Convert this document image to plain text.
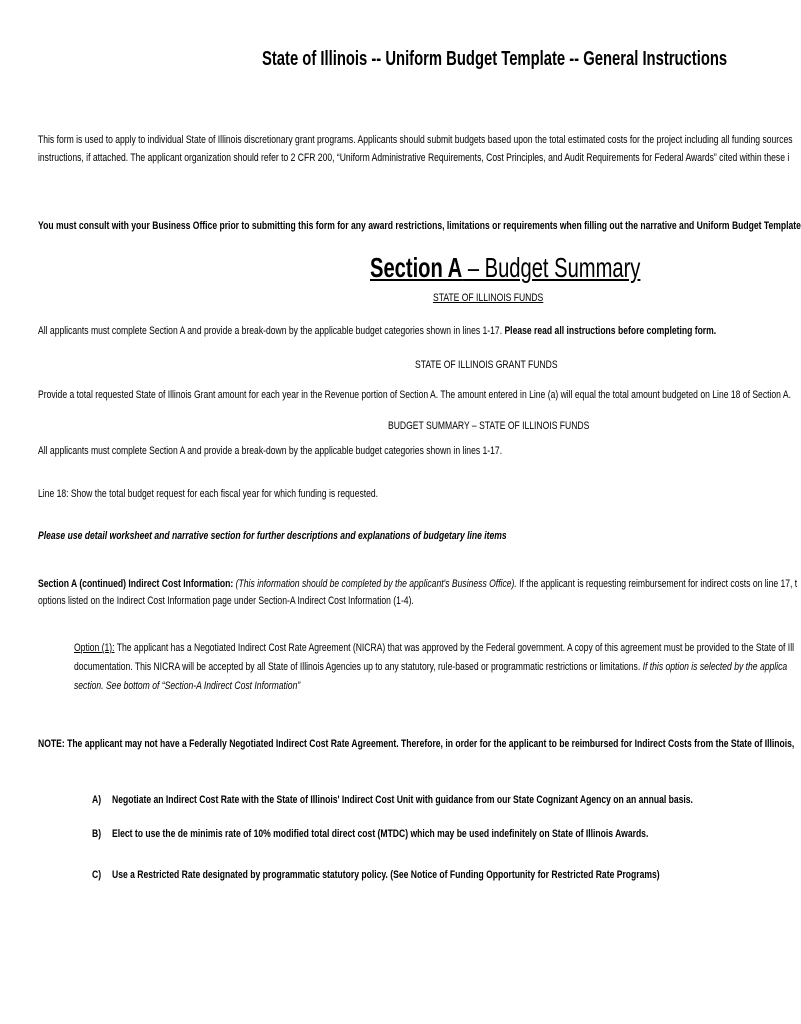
State of Illinois -- Uniform Budget Template -- General Instructions
This form is used to apply to individual State of Illinois discretionary grant programs. Applicants should submit budgets based upon the total estimated costs for the project including all funding sources
instructions, if attached. The applicant organization should refer to 2 CFR 200, “Uniform Administrative Requirements, Cost Principles, and Audit Requirements for Federal Awards” cited within these i
You must consult with your Business Office prior to submitting this form for any award restrictions, limitations or requirements when filling out the narrative and Uniform Budget Template
Section A – Budget Summary
STATE OF ILLINOIS FUNDS
All applicants must complete Section A and provide a break-down by the applicable budget categories shown in lines 1-17. Please read all instructions before completing form.
STATE OF ILLINOIS GRANT FUNDS
Provide a total requested State of Illinois Grant amount for each year in the Revenue portion of Section A. The amount entered in Line (a) will equal the total amount budgeted on Line 18 of Section A.
BUDGET SUMMARY – STATE OF ILLINOIS FUNDS
All applicants must complete Section A and provide a break-down by the applicable budget categories shown in lines 1-17.
Line 18: Show the total budget request for each fiscal year for which funding is requested.
Please use detail worksheet and narrative section for further descriptions and explanations of budgetary line items
Section A (continued) Indirect Cost Information: (This information should be completed by the applicant's Business Office). If the applicant is requesting reimbursement for indirect costs on line 17, t
options listed on the Indirect Cost Information page under Section-A Indirect Cost Information (1-4).
Option (1): The applicant has a Negotiated Indirect Cost Rate Agreement (NICRA) that was approved by the Federal government. A copy of this agreement must be provided to the State of Ill
documentation. This NICRA will be accepted by all State of Illinois Agencies up to any statutory, rule-based or programmatic restrictions or limitations. If this option is selected by the applica
section. See bottom of “Section-A Indirect Cost Information”
NOTE: The applicant may not have a Federally Negotiated Indirect Cost Rate Agreement. Therefore, in order for the applicant to be reimbursed for Indirect Costs from the State of Illinois,
A) Negotiate an Indirect Cost Rate with the State of Illinois' Indirect Cost Unit with guidance from our State Cognizant Agency on an annual basis.
B) Elect to use the de minimis rate of 10% modified total direct cost (MTDC) which may be used indefinitely on State of Illinois Awards.
C) Use a Restricted Rate designated by programmatic statutory policy. (See Notice of Funding Opportunity for Restricted Rate Programs)
